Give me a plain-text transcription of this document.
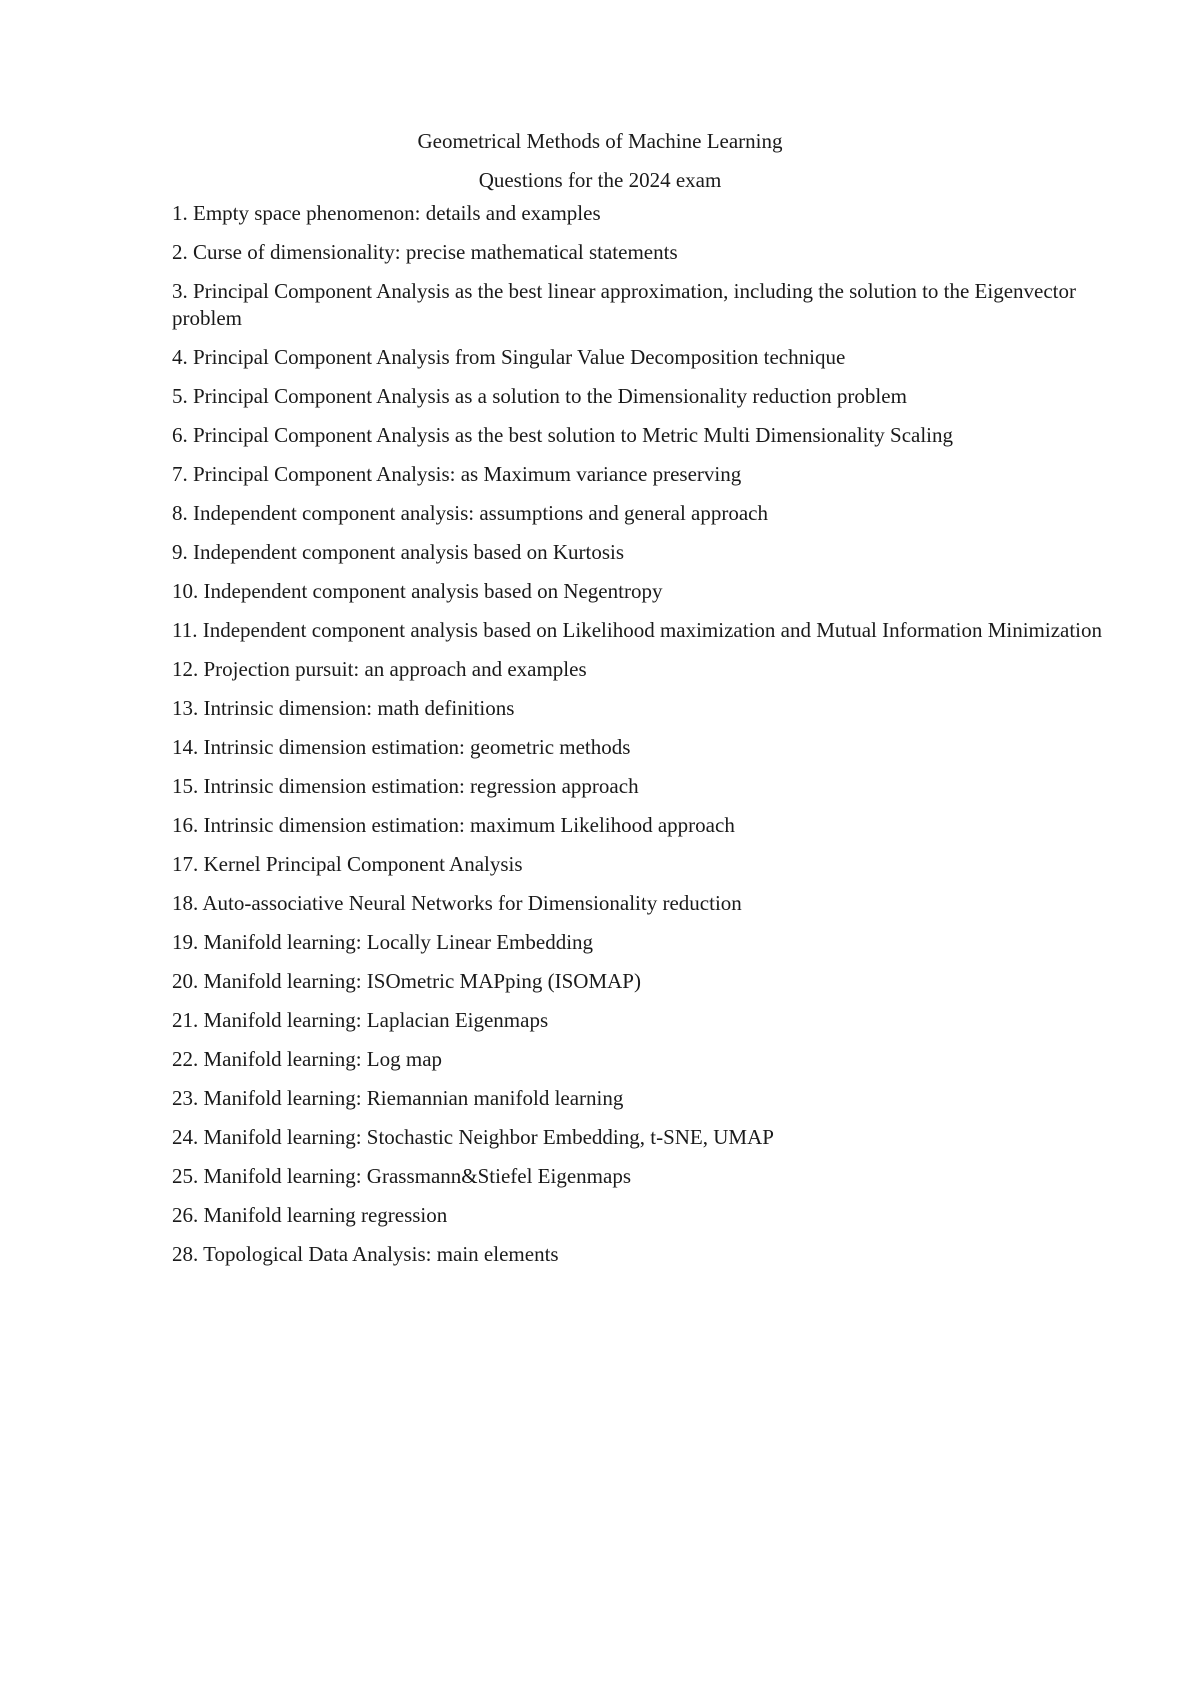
Geometrical Methods of Machine Learning
Questions for the 2024 exam
1. Empty space phenomenon: details and examples
2. Curse of dimensionality: precise mathematical statements
3. Principal Component Analysis as the best linear approximation, including the solution to the Eigenvector problem
4. Principal Component Analysis from Singular Value Decomposition technique
5. Principal Component Analysis as a solution to the Dimensionality reduction problem
6. Principal Component Analysis as the best solution to Metric Multi Dimensionality Scaling
7. Principal Component Analysis: as Maximum variance preserving
8. Independent component analysis: assumptions and general approach
9. Independent component analysis based on Kurtosis
10. Independent component analysis based on Negentropy
11. Independent component analysis based on Likelihood maximization and Mutual Information Minimization
12. Projection pursuit: an approach and examples
13. Intrinsic dimension: math definitions
14. Intrinsic dimension estimation: geometric methods
15. Intrinsic dimension estimation: regression approach
16. Intrinsic dimension estimation: maximum Likelihood approach
17. Kernel Principal Component Analysis
18. Auto-associative Neural Networks for Dimensionality reduction
19. Manifold learning: Locally Linear Embedding
20. Manifold learning: ISOmetric MAPping (ISOMAP)
21. Manifold learning: Laplacian Eigenmaps
22. Manifold learning: Log map
23. Manifold learning: Riemannian manifold learning
24. Manifold learning: Stochastic Neighbor Embedding, t-SNE, UMAP
25. Manifold learning: Grassmann&Stiefel Eigenmaps
26. Manifold learning regression
28. Topological Data Analysis: main elements
